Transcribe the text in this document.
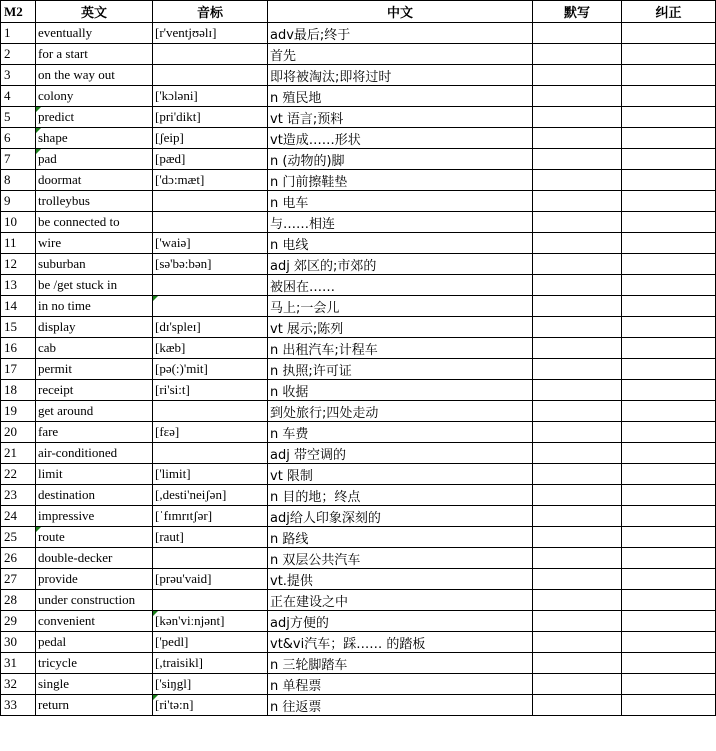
M2	英文	音标	中文	默写	纠正
1	eventually	[r'ventjʊəlɪ]	adv最后;终于		
2	for a start		首先		
3	on the way out		即将被淘汰;即将过时		
4	colony	['kɔləni]	n 殖民地		
5	predict	[pri'dikt]	vt 语言;预料		
6	shape	[ʃeip]	vt造成……形状		
7	pad	[pæd]	n (动物的)脚		
8	doormat	['dɔ:mæt]	n 门前擦鞋垫		
9	trolleybus		n 电车		
10	be connected to		与……相连		
11	wire	['waiə]	n 电线		
12	suburban	[sə'bə:bən]	adj 郊区的;市郊的		
13	be /get stuck in		被困在……		
14	in no time		马上;一会儿		
15	display	[dɪ'spleɪ]	vt 展示;陈列		
16	cab	[kæb]	n 出租汽车;计程车		
17	permit	[pə(:)'mit]	n 执照;许可证		
18	receipt	[ri'si:t]	n 收据		
19	get around		到处旅行;四处走动		
20	fare	[fɛə]	n 车费		
21	air-conditioned		adj 带空调的		
22	limit	['limit]	vt 限制		
23	destination	[,desti'neiʃən]	n 目的地；终点		
24	impressive	[ˈfɪmrɪtʃər]	adj给人印象深刻的		
25	route	[raut]	n 路线		
26	double-decker		n 双层公共汽车		
27	provide	[prəu'vaid]	vt.提供		
28	under construction		正在建设之中		
29	convenient	[kən'viːnjənt]	adj方便的		
30	pedal	['pedl]	vt&vi汽车；踩…… 的踏板		
31	tricycle	[,traisikl]	n 三轮脚踏车		
32	single	['siŋgl]	n 单程票		
33	return	[ri'tə:n]	n 往返票		
